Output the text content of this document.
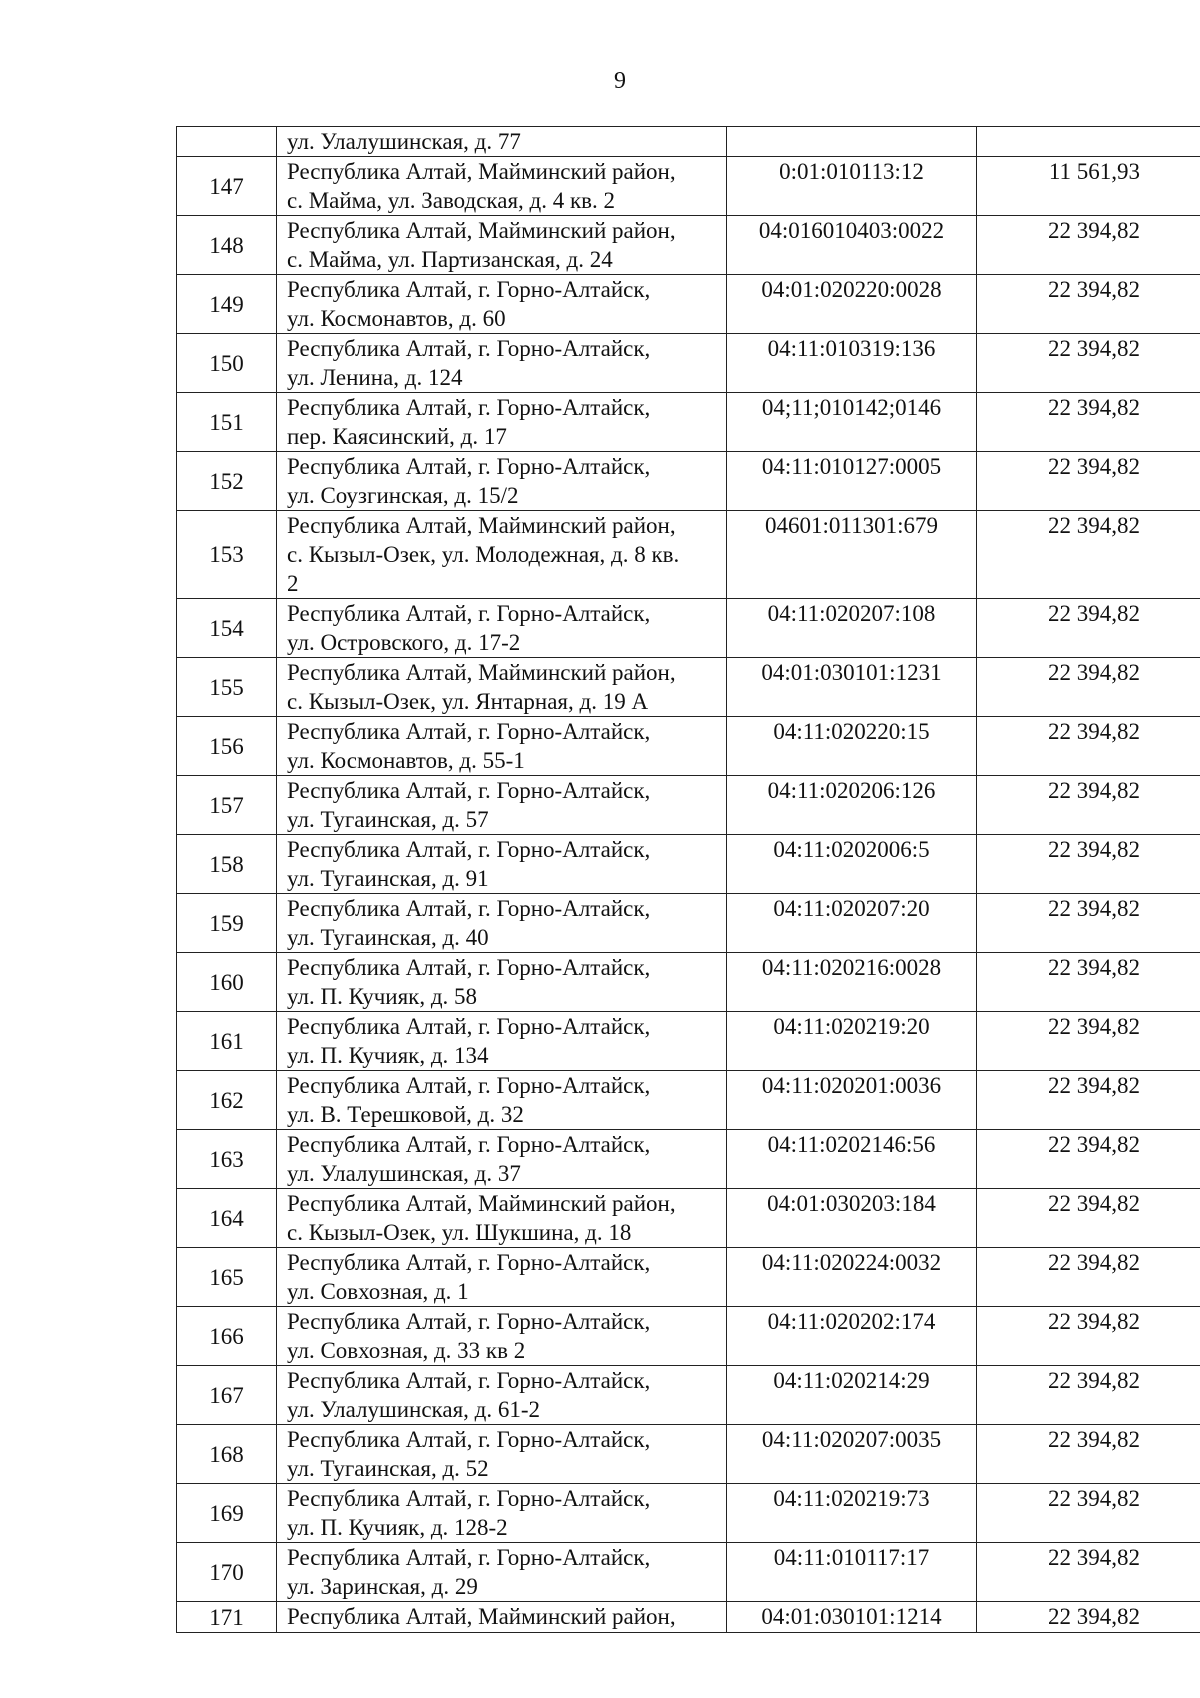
9

	ул. Улалушинская, д. 77		

147	Республика Алтай, Майминский район,
с. Майма, ул. Заводская, д. 4 кв. 2	0:01:010113:12	11 561,93
148	Республика Алтай, Майминский район,
с. Майма, ул. Партизанская, д. 24	04:016010403:0022	22 394,82
149	Республика Алтай, г. Горно-Алтайск,
ул. Космонавтов, д. 60	04:01:020220:0028	22 394,82
150	Республика Алтай, г. Горно-Алтайск,
ул. Ленина, д. 124	04:11:010319:136	22 394,82
151	Республика Алтай, г. Горно-Алтайск,
пер. Каясинский, д. 17	04;11;010142;0146	22 394,82
152	Республика Алтай, г. Горно-Алтайск,
ул. Соузгинская, д. 15/2	04:11:010127:0005	22 394,82
153	Республика Алтай, Майминский район,
с. Кызыл-Озек, ул. Молодежная, д. 8 кв.
2	04601:011301:679	22 394,82
154	Республика Алтай, г. Горно-Алтайск,
ул. Островского, д. 17-2	04:11:020207:108	22 394,82
155	Республика Алтай, Майминский район,
с. Кызыл-Озек, ул. Янтарная, д. 19 А	04:01:030101:1231	22 394,82
156	Республика Алтай, г. Горно-Алтайск,
ул. Космонавтов, д. 55-1	04:11:020220:15	22 394,82
157	Республика Алтай, г. Горно-Алтайск,
ул. Тугаинская, д. 57	04:11:020206:126	22 394,82
158	Республика Алтай, г. Горно-Алтайск,
ул. Тугаинская, д. 91	04:11:0202006:5	22 394,82
159	Республика Алтай, г. Горно-Алтайск,
ул. Тугаинская, д. 40	04:11:020207:20	22 394,82
160	Республика Алтай, г. Горно-Алтайск,
ул. П. Кучияк, д. 58	04:11:020216:0028	22 394,82
161	Республика Алтай, г. Горно-Алтайск,
ул. П. Кучияк, д. 134	04:11:020219:20	22 394,82
162	Республика Алтай, г. Горно-Алтайск,
ул. В. Терешковой, д. 32	04:11:020201:0036	22 394,82
163	Республика Алтай, г. Горно-Алтайск,
ул. Улалушинская, д. 37	04:11:0202146:56	22 394,82
164	Республика Алтай, Майминский район,
с. Кызыл-Озек, ул. Шукшина, д. 18	04:01:030203:184	22 394,82
165	Республика Алтай, г. Горно-Алтайск,
ул. Совхозная, д. 1	04:11:020224:0032	22 394,82
166	Республика Алтай, г. Горно-Алтайск,
ул. Совхозная, д. 33 кв 2	04:11:020202:174	22 394,82
167	Республика Алтай, г. Горно-Алтайск,
ул. Улалушинская, д. 61-2	04:11:020214:29	22 394,82
168	Республика Алтай, г. Горно-Алтайск,
ул. Тугаинская, д. 52	04:11:020207:0035	22 394,82
169	Республика Алтай, г. Горно-Алтайск,
ул. П. Кучияк, д. 128-2	04:11:020219:73	22 394,82
170	Республика Алтай, г. Горно-Алтайск,
ул. Заринская, д. 29	04:11:010117:17	22 394,82
171	Республика Алтай, Майминский район,	04:01:030101:1214	22 394,82
